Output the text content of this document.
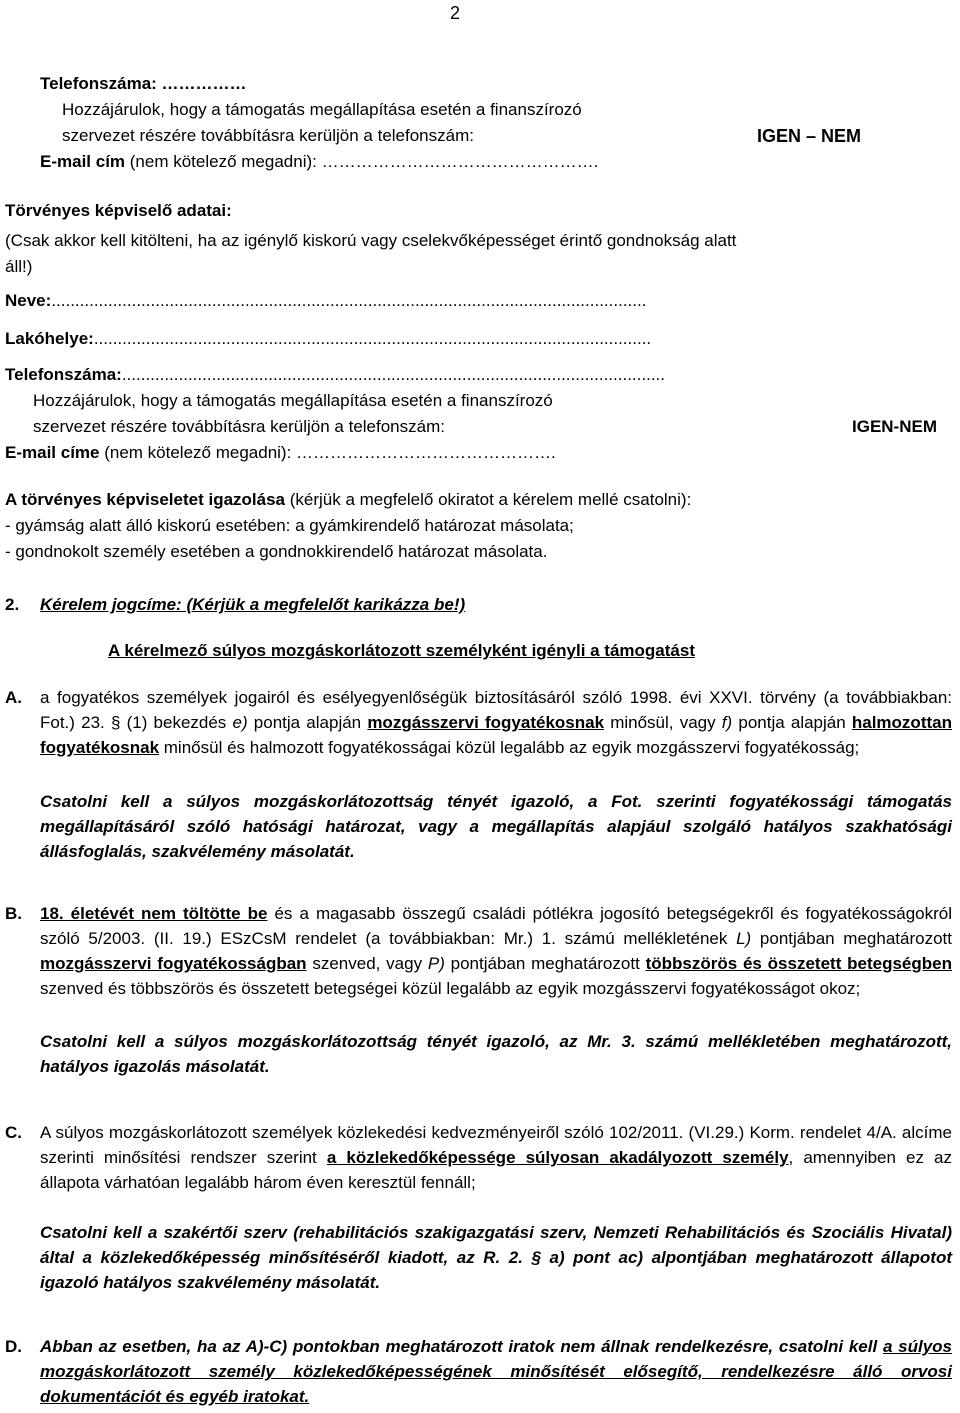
2
Telefonszáma: ……………
Hozzájárulok, hogy a támogatás megállapítása esetén a finanszírozó
szervezet részére továbbításra kerüljön a telefonszám:	IGEN – NEM
E-mail cím (nem kötelező megadni): ………………………………………….
Törvényes képviselő adatai:
(Csak akkor kell kitölteni, ha az igénylő kiskorú vagy cselekvőképességet érintő gondnokság alatt
áll!)
Neve:..............................................................................................................................
Lakóhelye:......................................................................................................................
Telefonszáma:...................................................................................................................
Hozzájárulok, hogy a támogatás megállapítása esetén a finanszírozó
szervezet részére továbbításra kerüljön a telefonszám:	IGEN-NEM
E-mail címe (nem kötelező megadni): ……………………………………….
A törvényes képviseletet igazolása (kérjük a megfelelő okiratot a kérelem mellé csatolni):
- gyámság alatt álló kiskorú esetében: a gyámkirendelő határozat másolata;
- gondnokolt személy esetében a gondnokkirendelő határozat másolata.
2. Kérelem jogcíme: (Kérjük a megfelelőt karikázza be!)
A kérelmező súlyos mozgáskorlátozott személyként igényli a támogatást
A. a fogyatékos személyek jogairól és esélyegyenlőségük biztosításáról szóló 1998. évi XXVI. törvény (a továbbiakban: Fot.) 23. § (1) bekezdés e) pontja alapján mozgásszervi fogyatékosnak minősül, vagy f) pontja alapján halmozottan fogyatékosnak minősül és halmozott fogyatékosságai közül legalább az egyik mozgásszervi fogyatékosság;
Csatolni kell a súlyos mozgáskorlátozottság tényét igazoló, a Fot. szerinti fogyatékossági támogatás megállapításáról szóló hatósági határozat, vagy a megállapítás alapjául szolgáló hatályos szakhatósági állásfoglalás, szakvélemény másolatát.
B. 18. életévét nem töltötte be és a magasabb összegű családi pótlékra jogosító betegségekről és fogyatékosságokról szóló 5/2003. (II. 19.) ESzCsM rendelet (a továbbiakban: Mr.) 1. számú mellékletének L) pontjában meghatározott mozgásszervi fogyatékosságban szenved, vagy P) pontjában meghatározott többszörös és összetett betegségben szenved és többszörös és összetett betegségei közül legalább az egyik mozgásszervi fogyatékosságot okoz;
Csatolni kell a súlyos mozgáskorlátozottság tényét igazoló, az Mr. 3. számú mellékletében meghatározott, hatályos igazolás másolatát.
C. A súlyos mozgáskorlátozott személyek közlekedési kedvezményeiről szóló 102/2011. (VI.29.) Korm. rendelet 4/A. alcíme szerinti minősítési rendszer szerint a közlekedőképessége súlyosan akadályozott személy, amennyiben ez az állapota várhatóan legalább három éven keresztül fennáll;
Csatolni kell a szakértői szerv (rehabilitációs szakigazgatási szerv, Nemzeti Rehabilitációs és Szociális Hivatal) által a közlekedőképesség minősítéséről kiadott, az R. 2. § a) pont ac) alpontjában meghatározott állapotot igazoló hatályos szakvélemény másolatát.
D. Abban az esetben, ha az A)-C) pontokban meghatározott iratok nem állnak rendelkezésre, csatolni kell a súlyos mozgáskorlátozott személy közlekedőképességének minősítését elősegítő, rendelkezésre álló orvosi dokumentációt és egyéb iratokat.
